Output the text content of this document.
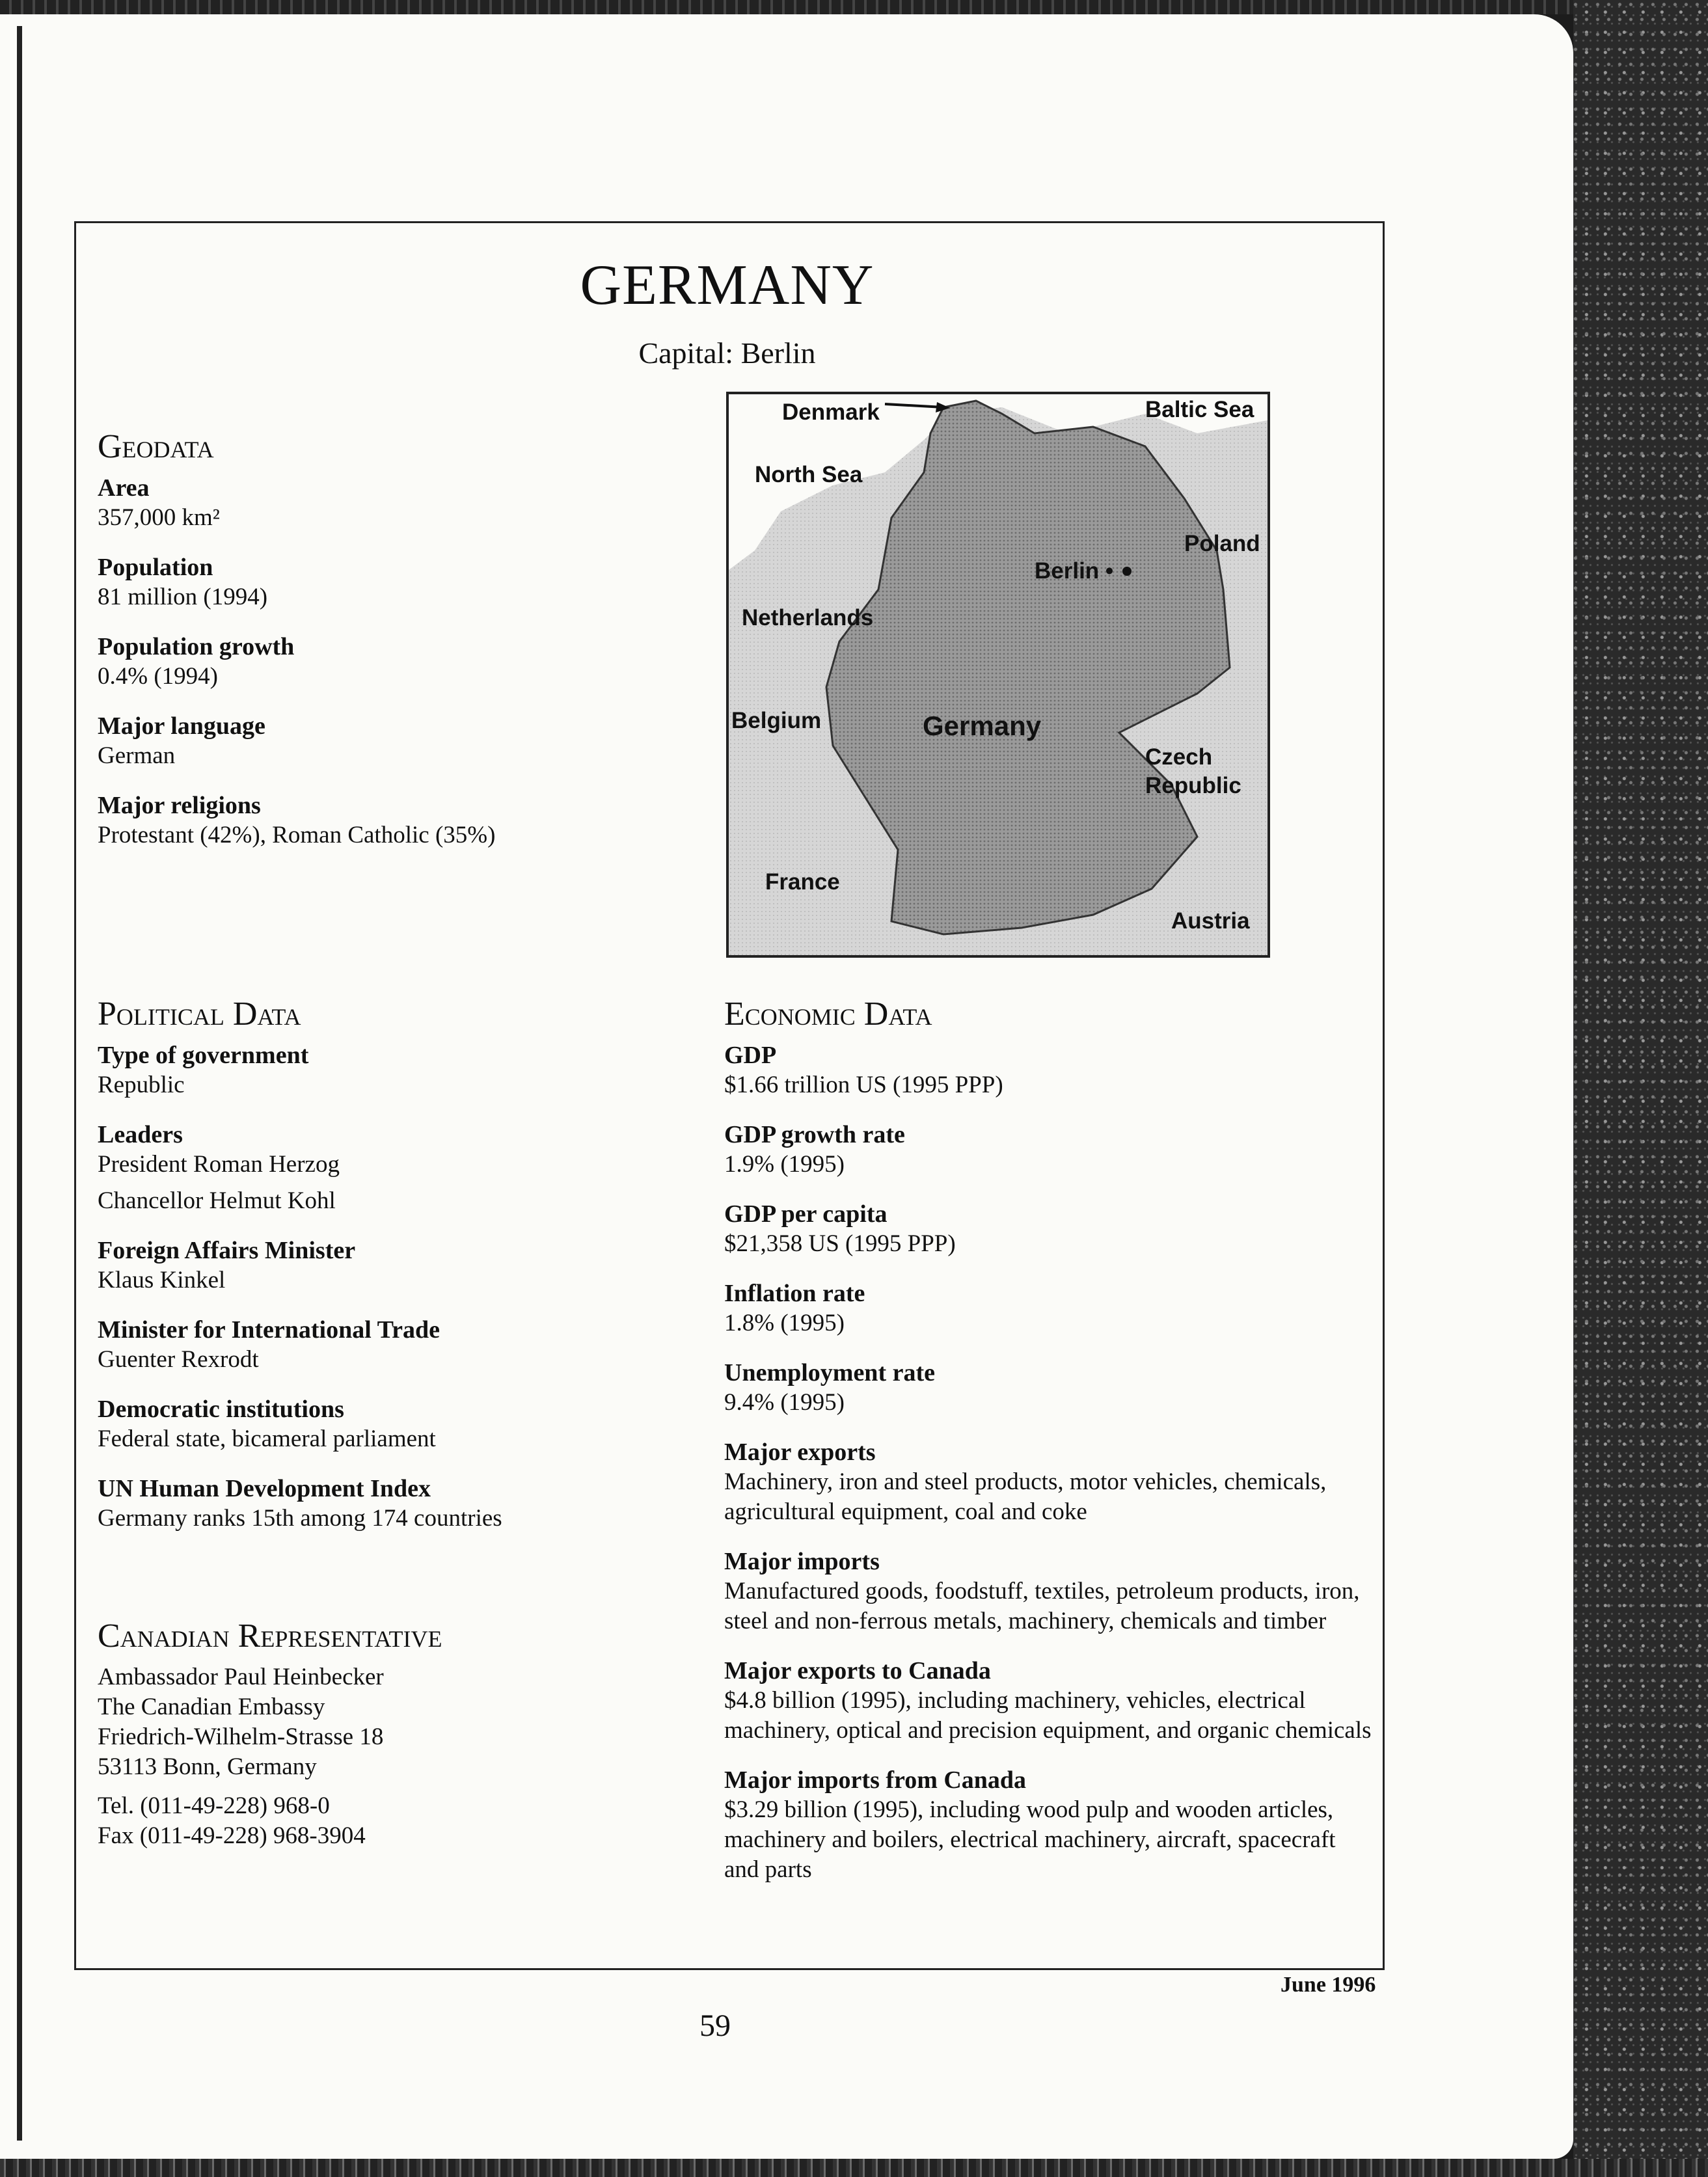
GERMANY
Capital: Berlin
Geodata
Area
357,000 km²
Population
81 million (1994)
Population growth
0.4% (1994)
Major language
German
Major religions
Protestant (42%), Roman Catholic (35%)
Denmark	Baltic Sea
North Sea
Poland
Berlin •
Netherlands
Belgium	Germany
Czech
Republic
France
Austria
Political Data
Type of government
Republic
Leaders
President Roman Herzog
Chancellor Helmut Kohl
Foreign Affairs Minister
Klaus Kinkel
Minister for International Trade
Guenter Rexrodt
Democratic institutions
Federal state, bicameral parliament
UN Human Development Index
Germany ranks 15th among 174 countries
Canadian Representative
Ambassador Paul Heinbecker
The Canadian Embassy
Friedrich-Wilhelm-Strasse 18
53113 Bonn, Germany
Tel. (011-49-228) 968-0
Fax (011-49-228) 968-3904
Economic Data
GDP
$1.66 trillion US (1995 PPP)
GDP growth rate
1.9% (1995)
GDP per capita
$21,358 US (1995 PPP)
Inflation rate
1.8% (1995)
Unemployment rate
9.4% (1995)
Major exports
Machinery, iron and steel products, motor vehicles, chemicals, agricultural equipment, coal and coke
Major imports
Manufactured goods, foodstuff, textiles, petroleum products, iron, steel and non-ferrous metals, machinery, chemicals and timber
Major exports to Canada
$4.8 billion (1995), including machinery, vehicles, electrical machinery, optical and precision equipment, and organic chemicals
Major imports from Canada
$3.29 billion (1995), including wood pulp and wooden articles, machinery and boilers, electrical machinery, aircraft, spacecraft and parts
June 1996
59
